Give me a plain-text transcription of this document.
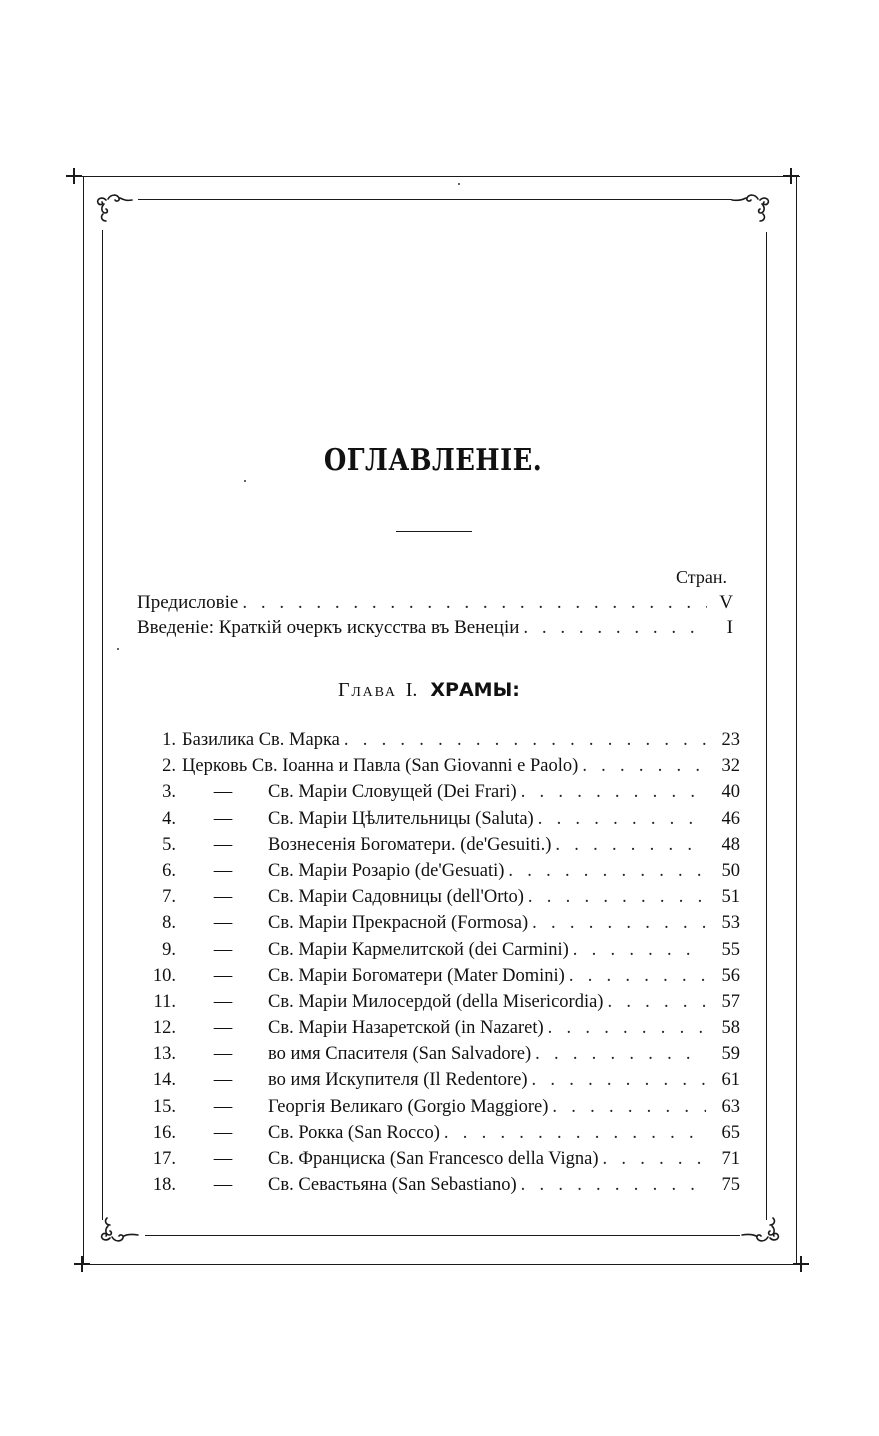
ОГЛАВЛЕНІЕ.
Стран.
Предисловіе . . .	V
Введеніе: Краткій очеркъ искусства въ Венеціи . . .	I
Глава I. ХРАМЫ:
1. Базилика Св. Марка . . .	23
2. Церковь Св. Іоанна и Павла (San Giovanni e Paolo) . . .	32
3.	—	Св. Маріи Словущей (Dei Frari) . . .	40
4.	—	Св. Маріи Цѣлительницы (Saluta) . . .	46
5.	—	Вознесенія Богоматери. (de'Gesuiti.) . . .	48
6.	—	Св. Маріи Розаріо (de'Gesuati) . . .	50
7.	—	Св. Маріи Садовницы (dell'Orto) . . .	51
8.	—	Св. Маріи Прекрасной (Formosa) . . .	53
9.	—	Св. Маріи Кармелитской (dei Carmini) . . .	55
10.	—	Св. Маріи Богоматери (Mater Domini) . . .	56
11.	—	Св. Маріи Милосердой (della Misericordia) . . .	57
12.	—	Св. Маріи Назаретской (in Nazaret) . . .	58
13.	—	во имя Спасителя (San Salvadore) . . .	59
14.	—	во имя Искупителя (Il Redentore) . . .	61
15.	—	Георгія Великаго (Gorgio Maggiore) . . .	63
16.	—	Св. Рокка (San Rocco) . . .	65
17.	—	Св. Франциска (San Francesco della Vigna) . . .	71
18.	—	Св. Севастьяна (San Sebastiano) . . .	75
